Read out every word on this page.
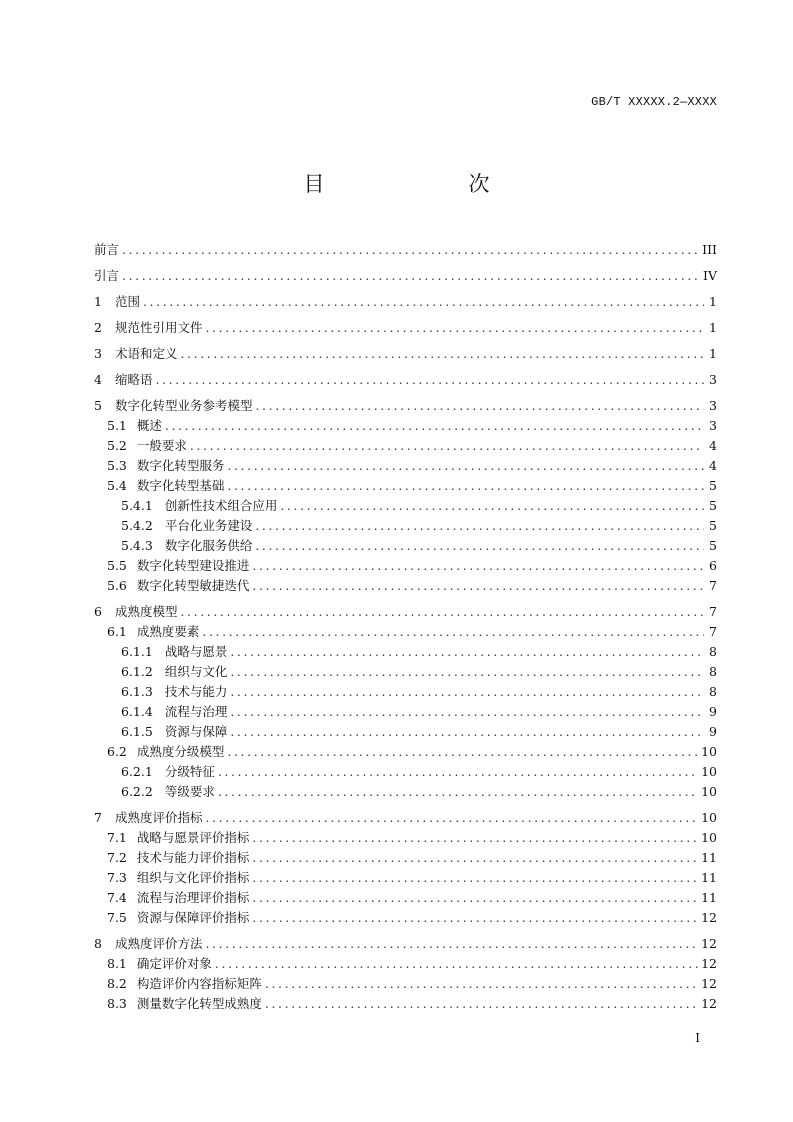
GB/T XXXXX.2—XXXX
目　　次
前言 .....	III
引言 .....	IV
1 范围 .....	1
2 规范性引用文件 .....	1
3 术语和定义 .....	1
4 缩略语 .....	3
5 数字化转型业务参考模型 .....	3
5.1 概述 .....	3
5.2 一般要求 .....	4
5.3 数字化转型服务 .....	4
5.4 数字化转型基础 .....	5
5.4.1 创新性技术组合应用 .....	5
5.4.2 平台化业务建设 .....	5
5.4.3 数字化服务供给 .....	5
5.5 数字化转型建设推进 .....	6
5.6 数字化转型敏捷迭代 .....	7
6 成熟度模型 .....	7
6.1 成熟度要素 .....	7
6.1.1 战略与愿景 .....	8
6.1.2 组织与文化 .....	8
6.1.3 技术与能力 .....	8
6.1.4 流程与治理 .....	9
6.1.5 资源与保障 .....	9
6.2 成熟度分级模型 .....	10
6.2.1 分级特征 .....	10
6.2.2 等级要求 .....	10
7 成熟度评价指标 .....	10
7.1 战略与愿景评价指标 .....	10
7.2 技术与能力评价指标 .....	11
7.3 组织与文化评价指标 .....	11
7.4 流程与治理评价指标 .....	11
7.5 资源与保障评价指标 .....	12
8 成熟度评价方法 .....	12
8.1 确定评价对象 .....	12
8.2 构造评价内容指标矩阵 .....	12
8.3 测量数字化转型成熟度 .....	12
I
